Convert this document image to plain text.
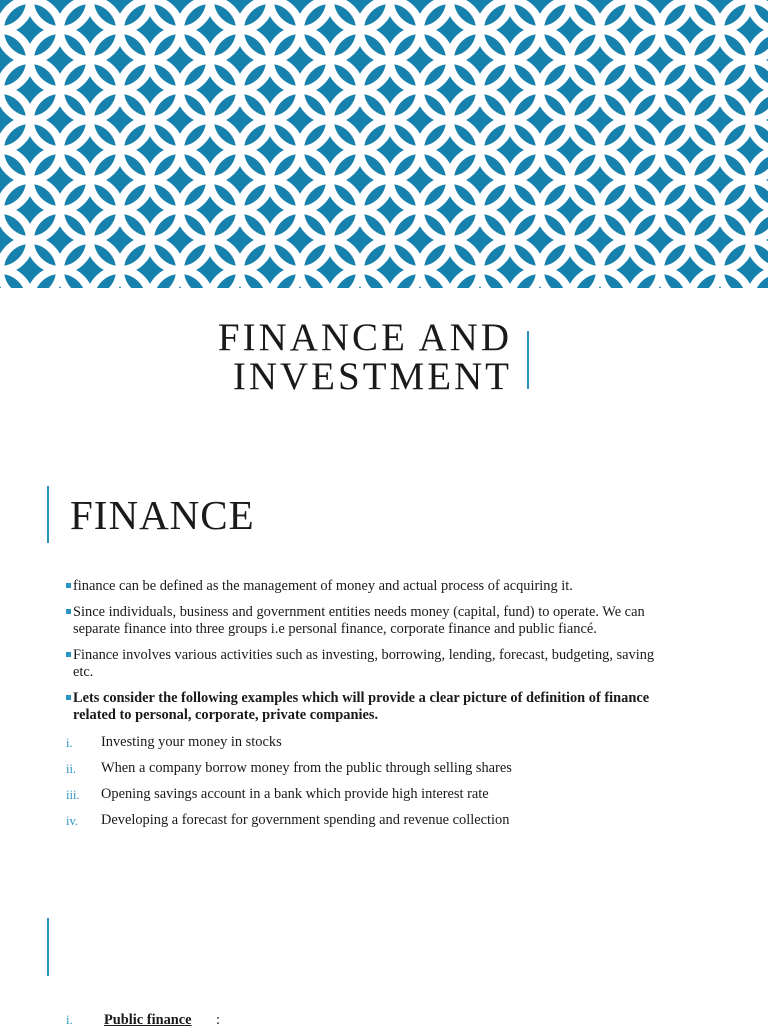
FINANCE AND
INVESTMENT
FINANCE
finance can be defined as the management of money and actual process of acquiring it.
Since individuals, business and government entities needs money (capital, fund) to operate. We can separate finance into three groups i.e personal finance, corporate finance and public fiancé.
Finance involves various activities such as investing, borrowing, lending, forecast, budgeting, saving etc.
Lets consider the following examples which will provide a clear picture of definition of finance related to personal, corporate, private companies.
i. Investing your money in stocks
ii. When a company borrow money from the public through selling shares
iii. Opening savings account in a bank which provide high interest rate
iv. Developing a forecast for government spending and revenue collection
i. Public finance :
